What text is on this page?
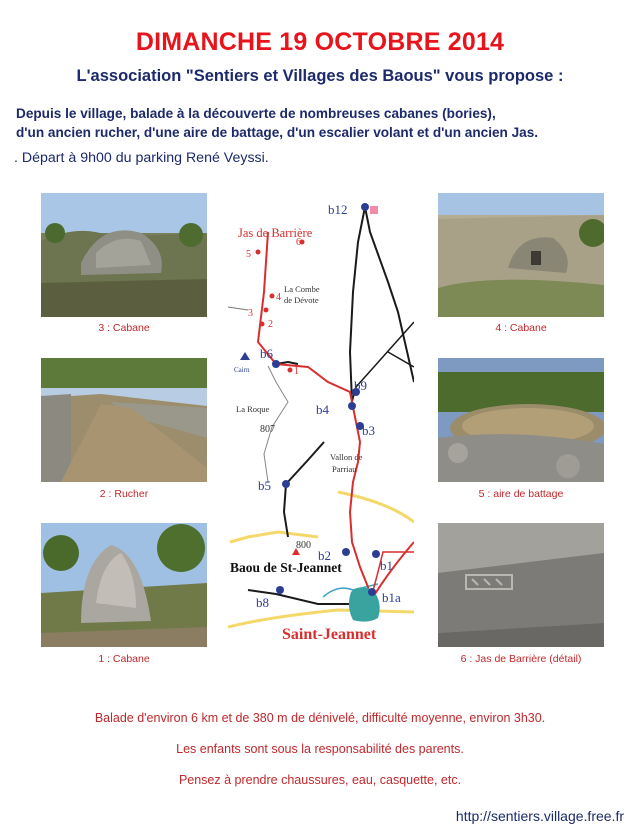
DIMANCHE 19 OCTOBRE 2014
L'association "Sentiers et Villages des Baous" vous propose :
Depuis le village, balade à la découverte de nombreuses cabanes (bories),
d'un ancien rucher, d'une aire de battage, d'un escalier volant et d'un ancien Jas.
. Départ à 9h00 du parking René Veyssi.
3 : Cabane	4 : Cabane
2 : Rucher	5 : aire de battage
1 : Cabane	6 : Jas de Barrière (détail)
Jas de Barrière
6
5
4
3
2
1
La Combe
de Dévote
Cairn
La Roque
807
Vallon de
Parriau
800
Baou de St-Jeannet
Saint-Jeannet
b12
b6
b9
b4
b3
b5
b2
b1
b1a
b8
Balade d'environ 6 km et de 380 m de dénivelé, difficulté moyenne, environ 3h30.
Les enfants sont sous la responsabilité des parents.
Pensez à prendre chaussures, eau, casquette, etc.
http://sentiers.village.free.fr
